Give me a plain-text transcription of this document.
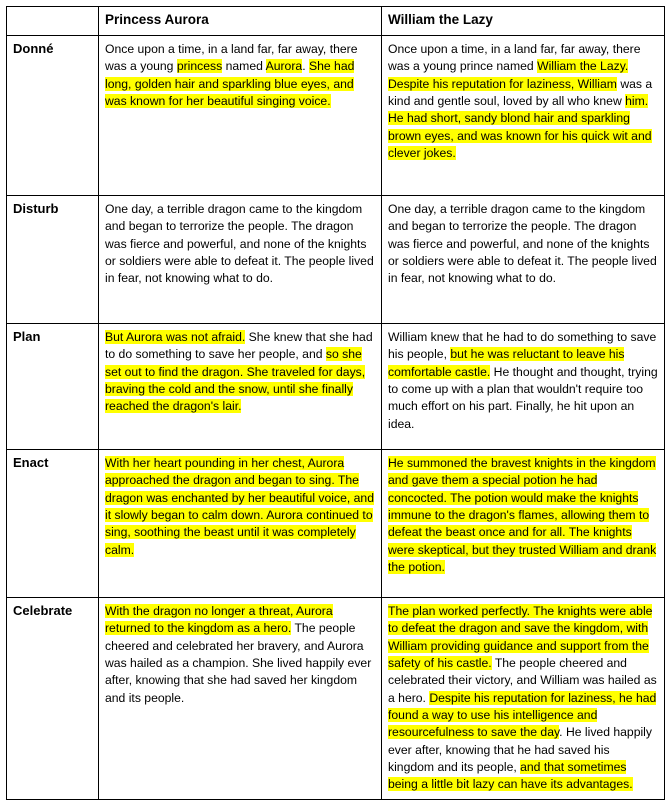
	Princess Aurora	William the Lazy
Donné	Once upon a time, in a land far, far away, there was a young princess named Aurora. She had long, golden hair and sparkling blue eyes, and was known for her beautiful singing voice.	Once upon a time, in a land far, far away, there was a young prince named William the Lazy. Despite his reputation for laziness, William was a kind and gentle soul, loved by all who knew him. He had short, sandy blond hair and sparkling brown eyes, and was known for his quick wit and clever jokes.
Disturb	One day, a terrible dragon came to the kingdom and began to terrorize the people. The dragon was fierce and powerful, and none of the knights or soldiers were able to defeat it. The people lived in fear, not knowing what to do.	One day, a terrible dragon came to the kingdom and began to terrorize the people. The dragon was fierce and powerful, and none of the knights or soldiers were able to defeat it. The people lived in fear, not knowing what to do.
Plan	But Aurora was not afraid. She knew that she had to do something to save her people, and so she set out to find the dragon. She traveled for days, braving the cold and the snow, until she finally reached the dragon's lair.	William knew that he had to do something to save his people, but he was reluctant to leave his comfortable castle. He thought and thought, trying to come up with a plan that wouldn't require too much effort on his part. Finally, he hit upon an idea.
Enact	With her heart pounding in her chest, Aurora approached the dragon and began to sing. The dragon was enchanted by her beautiful voice, and it slowly began to calm down. Aurora continued to sing, soothing the beast until it was completely calm.	He summoned the bravest knights in the kingdom and gave them a special potion he had concocted. The potion would make the knights immune to the dragon's flames, allowing them to defeat the beast once and for all. The knights were skeptical, but they trusted William and drank the potion.
Celebrate	With the dragon no longer a threat, Aurora returned to the kingdom as a hero. The people cheered and celebrated her bravery, and Aurora was hailed as a champion. She lived happily ever after, knowing that she had saved her kingdom and its people.	The plan worked perfectly. The knights were able to defeat the dragon and save the kingdom, with William providing guidance and support from the safety of his castle. The people cheered and celebrated their victory, and William was hailed as a hero. Despite his reputation for laziness, he had found a way to use his intelligence and resourcefulness to save the day. He lived happily ever after, knowing that he had saved his kingdom and its people, and that sometimes being a little bit lazy can have its advantages.
